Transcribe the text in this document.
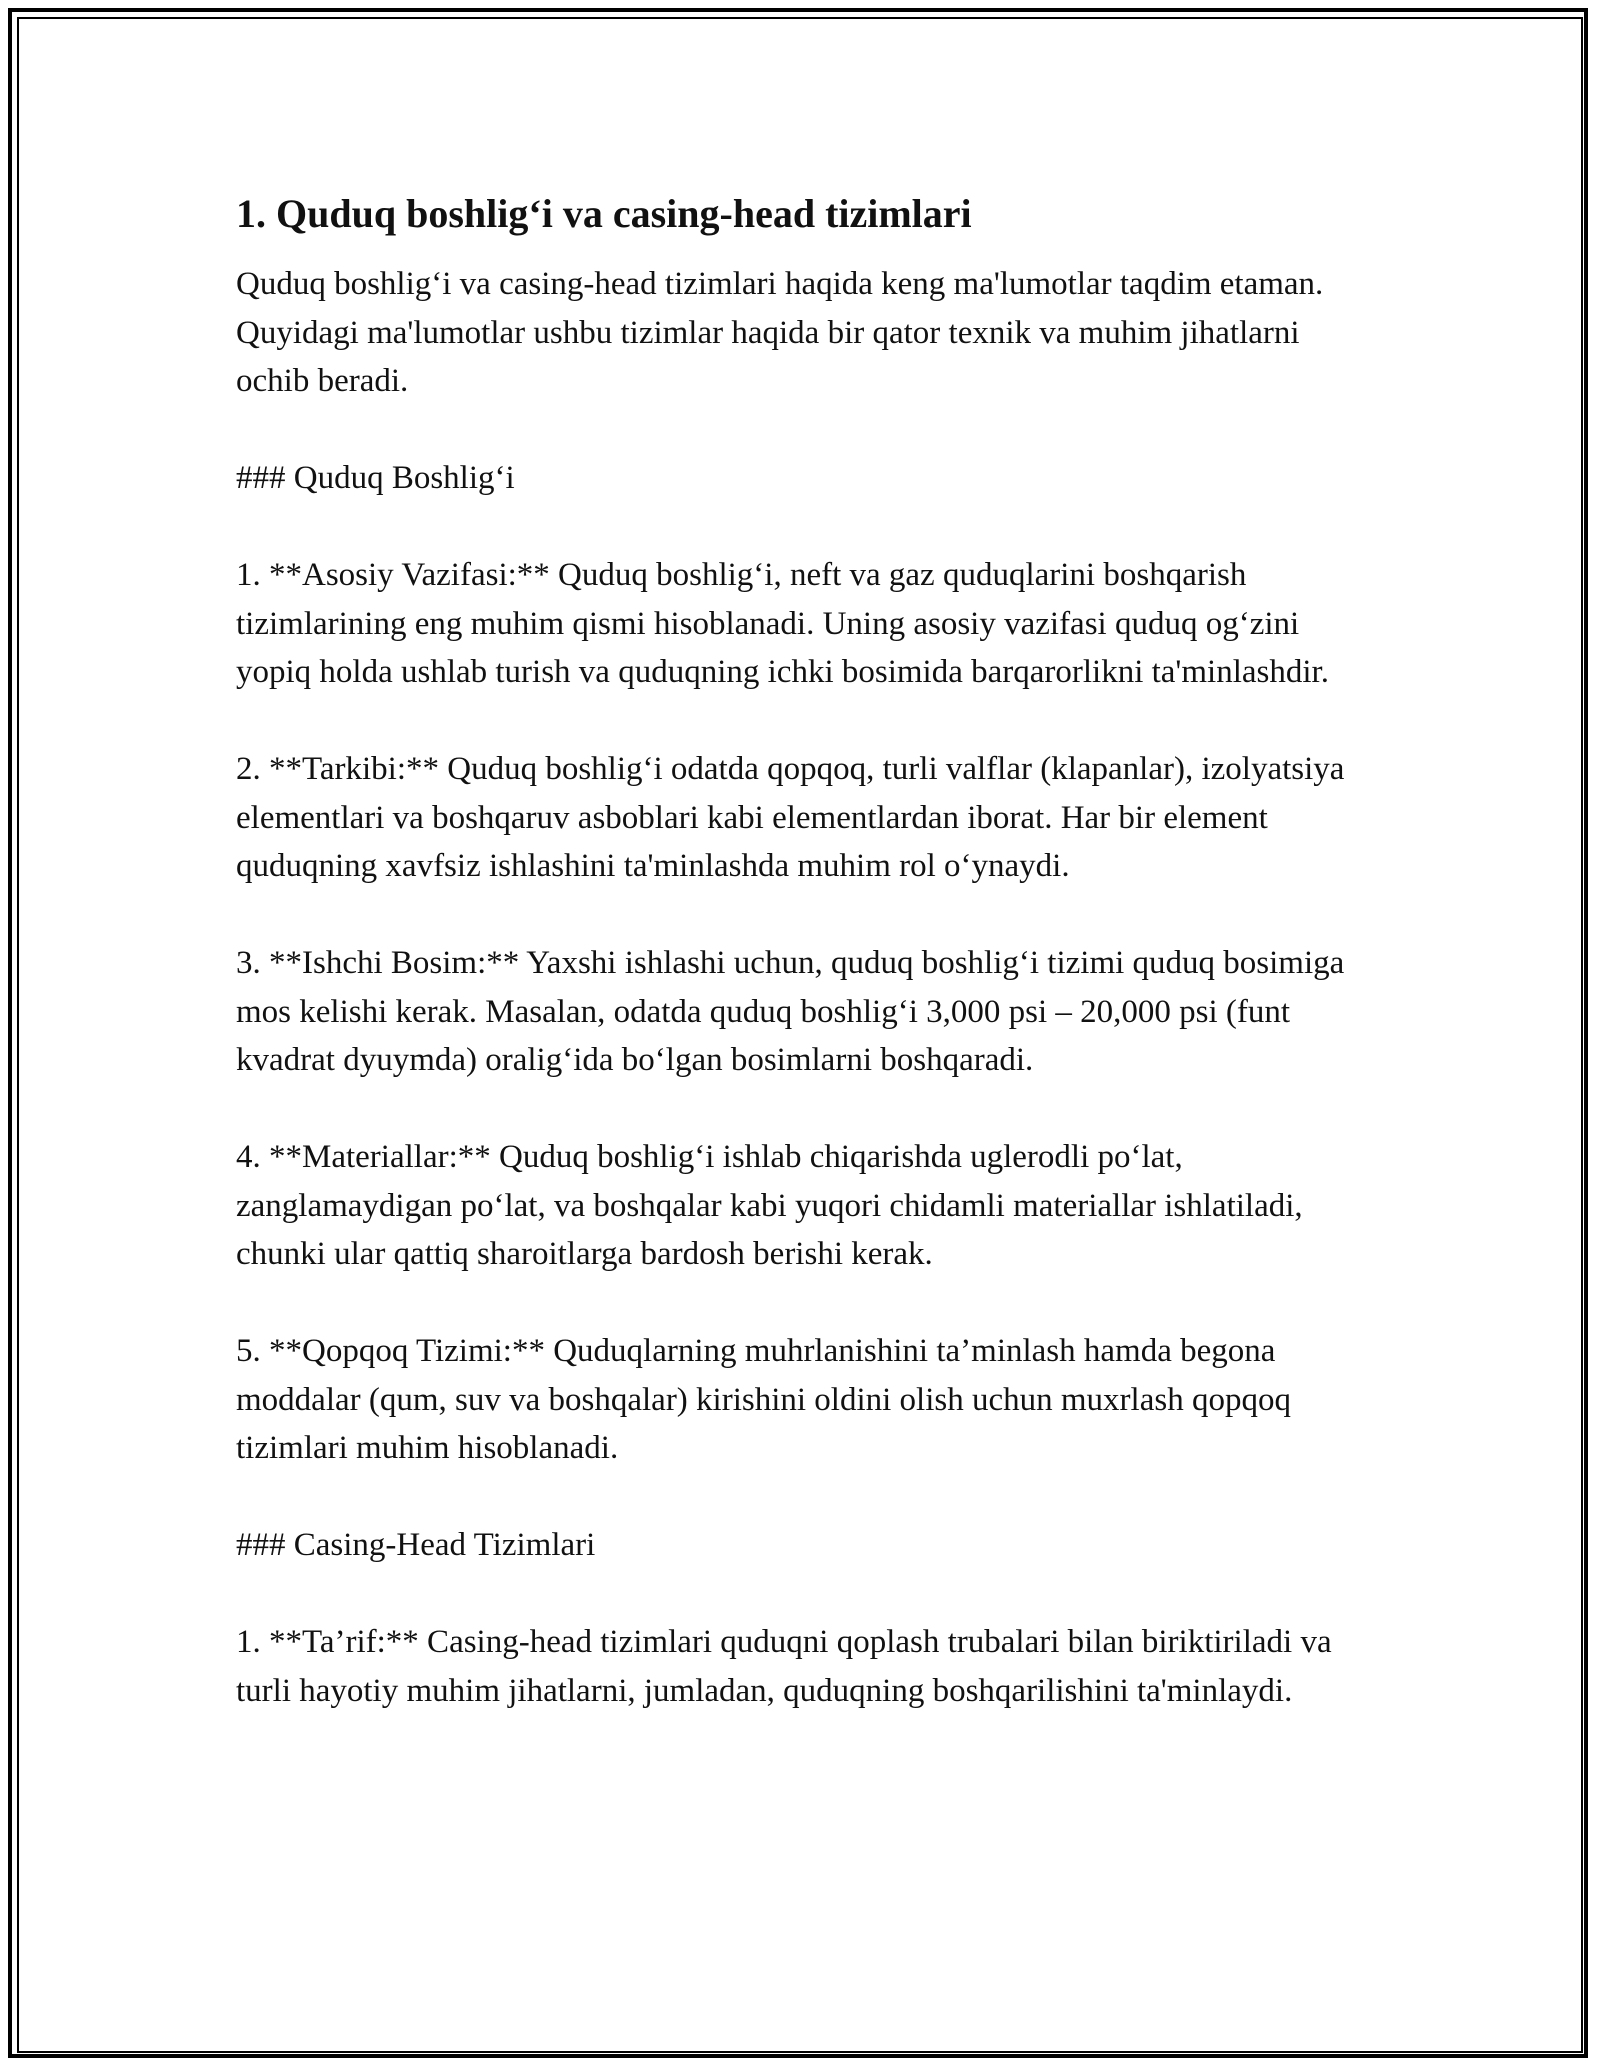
1. Quduq boshlig‘i va casing-head tizimlari

Quduq boshlig‘i va casing-head tizimlari haqida keng ma'lumotlar taqdim etaman. Quyidagi ma'lumotlar ushbu tizimlar haqida bir qator texnik va muhim jihatlarni ochib beradi.

### Quduq Boshlig‘i

1. **Asosiy Vazifasi:** Quduq boshlig‘i, neft va gaz quduqlarini boshqarish tizimlarining eng muhim qismi hisoblanadi. Uning asosiy vazifasi quduq og‘zini yopiq holda ushlab turish va quduqning ichki bosimida barqarorlikni ta'minlashdir.

2. **Tarkibi:** Quduq boshlig‘i odatda qopqoq, turli valflar (klapanlar), izolyatsiya elementlari va boshqaruv asboblari kabi elementlardan iborat. Har bir element quduqning xavfsiz ishlashini ta'minlashda muhim rol o‘ynaydi.

3. **Ishchi Bosim:** Yaxshi ishlashi uchun, quduq boshlig‘i tizimi quduq bosimiga mos kelishi kerak. Masalan, odatda quduq boshlig‘i 3,000 psi – 20,000 psi (funt kvadrat dyuymda) oralig‘ida bo‘lgan bosimlarni boshqaradi.

4. **Materiallar:** Quduq boshlig‘i ishlab chiqarishda uglerodli po‘lat, zanglamaydigan po‘lat, va boshqalar kabi yuqori chidamli materiallar ishlatiladi, chunki ular qattiq sharoitlarga bardosh berishi kerak.

5. **Qopqoq Tizimi:** Quduqlarning muhrlanishini ta’minlash hamda begona moddalar (qum, suv va boshqalar) kirishini oldini olish uchun muxrlash qopqoq tizimlari muhim hisoblanadi.

### Casing-Head Tizimlari

1. **Ta’rif:** Casing-head tizimlari quduqni qoplash trubalari bilan biriktiriladi va turli hayotiy muhim jihatlarni, jumladan, quduqning boshqarilishini ta'minlaydi.
